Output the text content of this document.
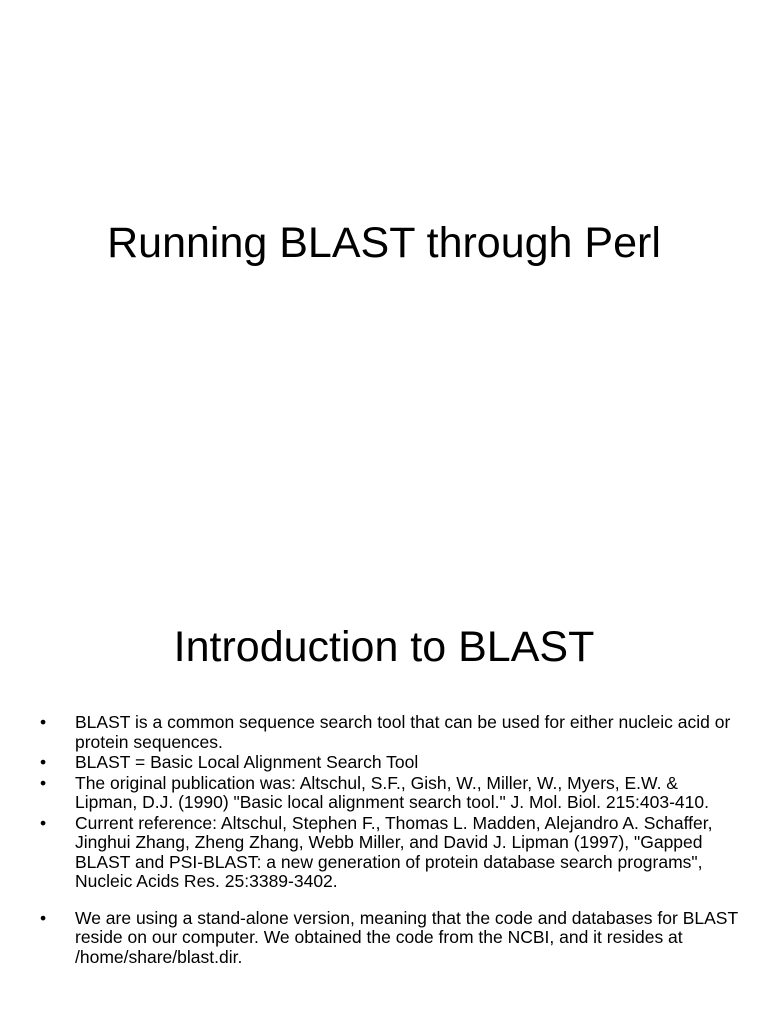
Running BLAST through Perl
Introduction to BLAST
•	BLAST is a common sequence search tool that can be used for either nucleic acid or protein sequences.
•	BLAST = Basic Local Alignment Search Tool
•	The original publication was: Altschul, S.F., Gish, W., Miller, W., Myers, E.W. & Lipman, D.J. (1990) "Basic local alignment search tool." J. Mol. Biol. 215:403-410.
•	Current reference: Altschul, Stephen F., Thomas L. Madden, Alejandro A. Schaffer, Jinghui Zhang, Zheng Zhang, Webb Miller, and David J. Lipman (1997), "Gapped BLAST and PSI-BLAST: a new generation of protein database search programs", Nucleic Acids Res. 25:3389-3402.
•	We are using a stand-alone version, meaning that the code and databases for BLAST reside on our computer. We obtained the code from the NCBI, and it resides at /home/share/blast.dir.
